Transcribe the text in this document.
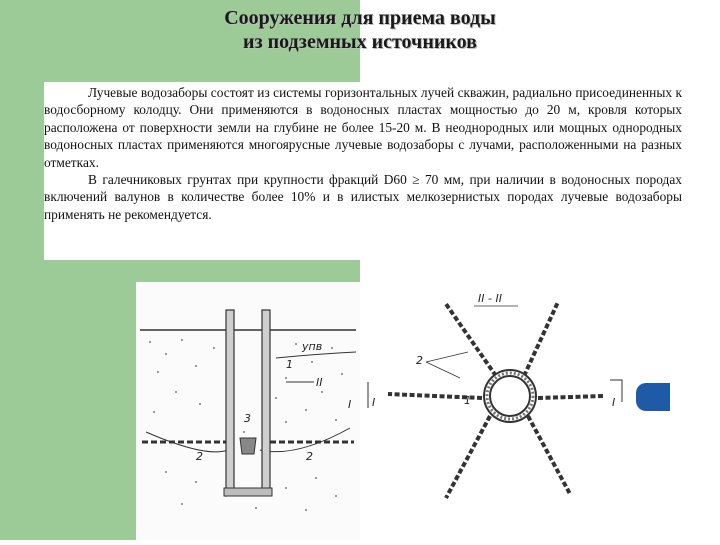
Сооружения для приема воды
из подземных источников

Лучевые водозаборы состоят из системы горизонтальных лучей скважин, радиально присоединенных к водосборному колодцу. Они применяются в водоносных пластах мощностью до 20 м, кровля которых расположена от поверхности земли на глубине не более 15-20 м. В неоднородных или мощных однородных водоносных пластах применяются многоярусные лучевые водозаборы с лучами, расположенными на разных отметках.

В галечниковых грунтах при крупности фракций D60 ≥ 70 мм, при наличии в водоносных породах включений валунов в количестве более 10% и в илистых мелкозернистых породах лучевые водозаборы применять не рекомендуется.

упв
3
2	2
1
II
I
II - II
2
1
I	I
